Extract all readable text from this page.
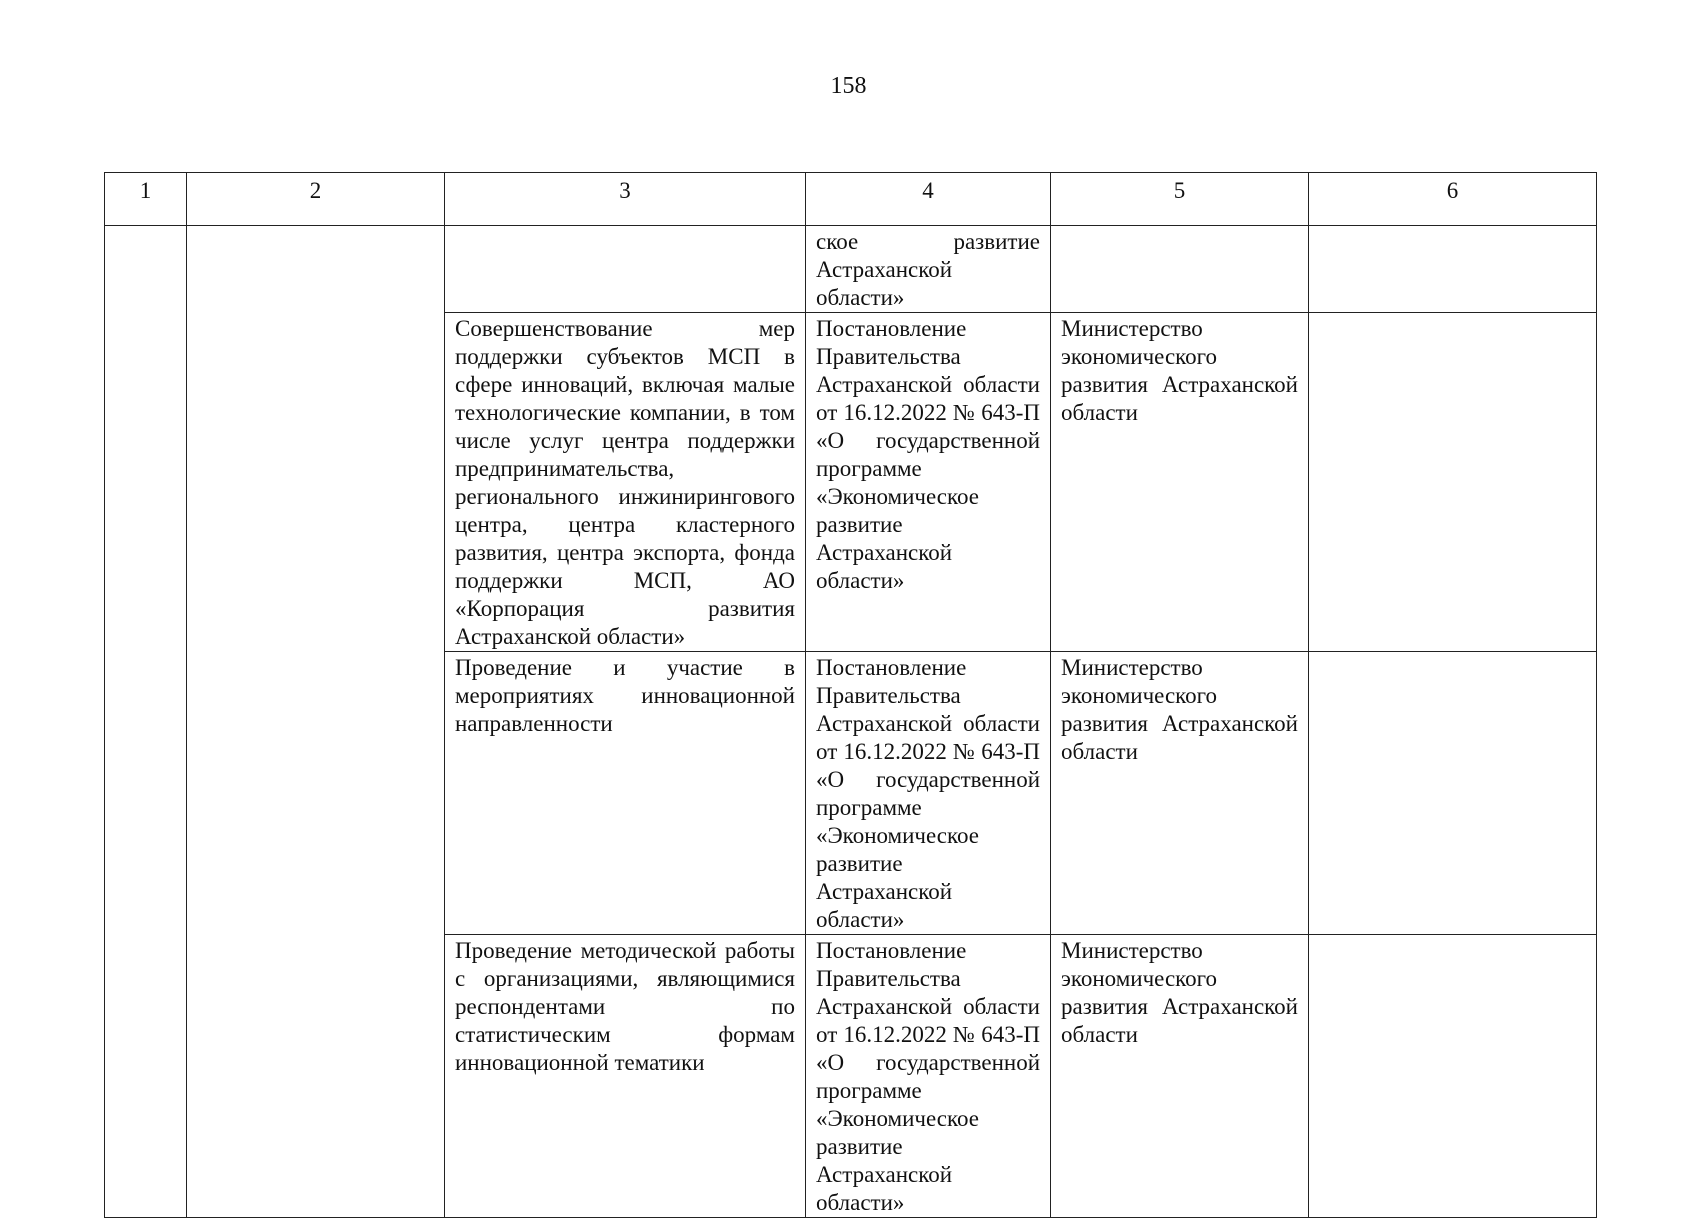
158
1	2	3	4	5	6
			ское развитие Астраханской области»		
		Совершенствование мер поддержки субъектов МСП в сфере инноваций, включая малые технологические компании, в том числе услуг центра поддержки предпринимательства, регионального инжинирингового центра, центра кластерного развития, центра экспорта, фонда поддержки МСП, АО «Корпорация развития Астраханской области»	Постановление Правительства Астраханской области от 16.12.2022 № 643-П «О государственной программе «Экономическое развитие Астраханской области»	Министерство экономического развития Астраханской области	
		Проведение и участие в мероприятиях инновационной направленности	Постановление Правительства Астраханской области от 16.12.2022 № 643-П «О государственной программе «Экономическое развитие Астраханской области»	Министерство экономического развития Астраханской области	
		Проведение методической работы с организациями, являющимися респондентами по статистическим формам инновационной тематики	Постановление Правительства Астраханской области от 16.12.2022 № 643-П «О государственной программе «Экономическое развитие Астраханской области»	Министерство экономического развития Астраханской области	
